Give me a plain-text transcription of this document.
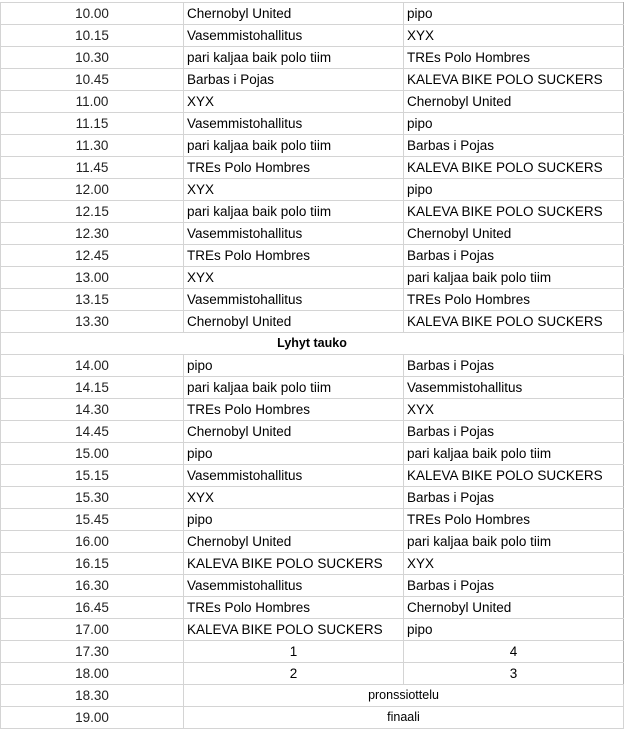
10.00	Chernobyl United	pipo
10.15	Vasemmistohallitus	XYX
10.30	pari kaljaa baik polo tiim	TREs Polo Hombres
10.45	Barbas i Pojas	KALEVA BIKE POLO SUCKERS
11.00	XYX	Chernobyl United
11.15	Vasemmistohallitus	pipo
11.30	pari kaljaa baik polo tiim	Barbas i Pojas
11.45	TREs Polo Hombres	KALEVA BIKE POLO SUCKERS
12.00	XYX	pipo
12.15	pari kaljaa baik polo tiim	KALEVA BIKE POLO SUCKERS
12.30	Vasemmistohallitus	Chernobyl United
12.45	TREs Polo Hombres	Barbas i Pojas
13.00	XYX	pari kaljaa baik polo tiim
13.15	Vasemmistohallitus	TREs Polo Hombres
13.30	Chernobyl United	KALEVA BIKE POLO SUCKERS
Lyhyt tauko		
14.00	pipo	Barbas i Pojas
14.15	pari kaljaa baik polo tiim	Vasemmistohallitus
14.30	TREs Polo Hombres	XYX
14.45	Chernobyl United	Barbas i Pojas
15.00	pipo	pari kaljaa baik polo tiim
15.15	Vasemmistohallitus	KALEVA BIKE POLO SUCKERS
15.30	XYX	Barbas i Pojas
15.45	pipo	TREs Polo Hombres
16.00	Chernobyl United	pari kaljaa baik polo tiim
16.15	KALEVA BIKE POLO SUCKERS	XYX
16.30	Vasemmistohallitus	Barbas i Pojas
16.45	TREs Polo Hombres	Chernobyl United
17.00	KALEVA BIKE POLO SUCKERS	pipo
17.30	1	4
18.00	2	3
18.30	pronssiottelu	
19.00	finaali	
